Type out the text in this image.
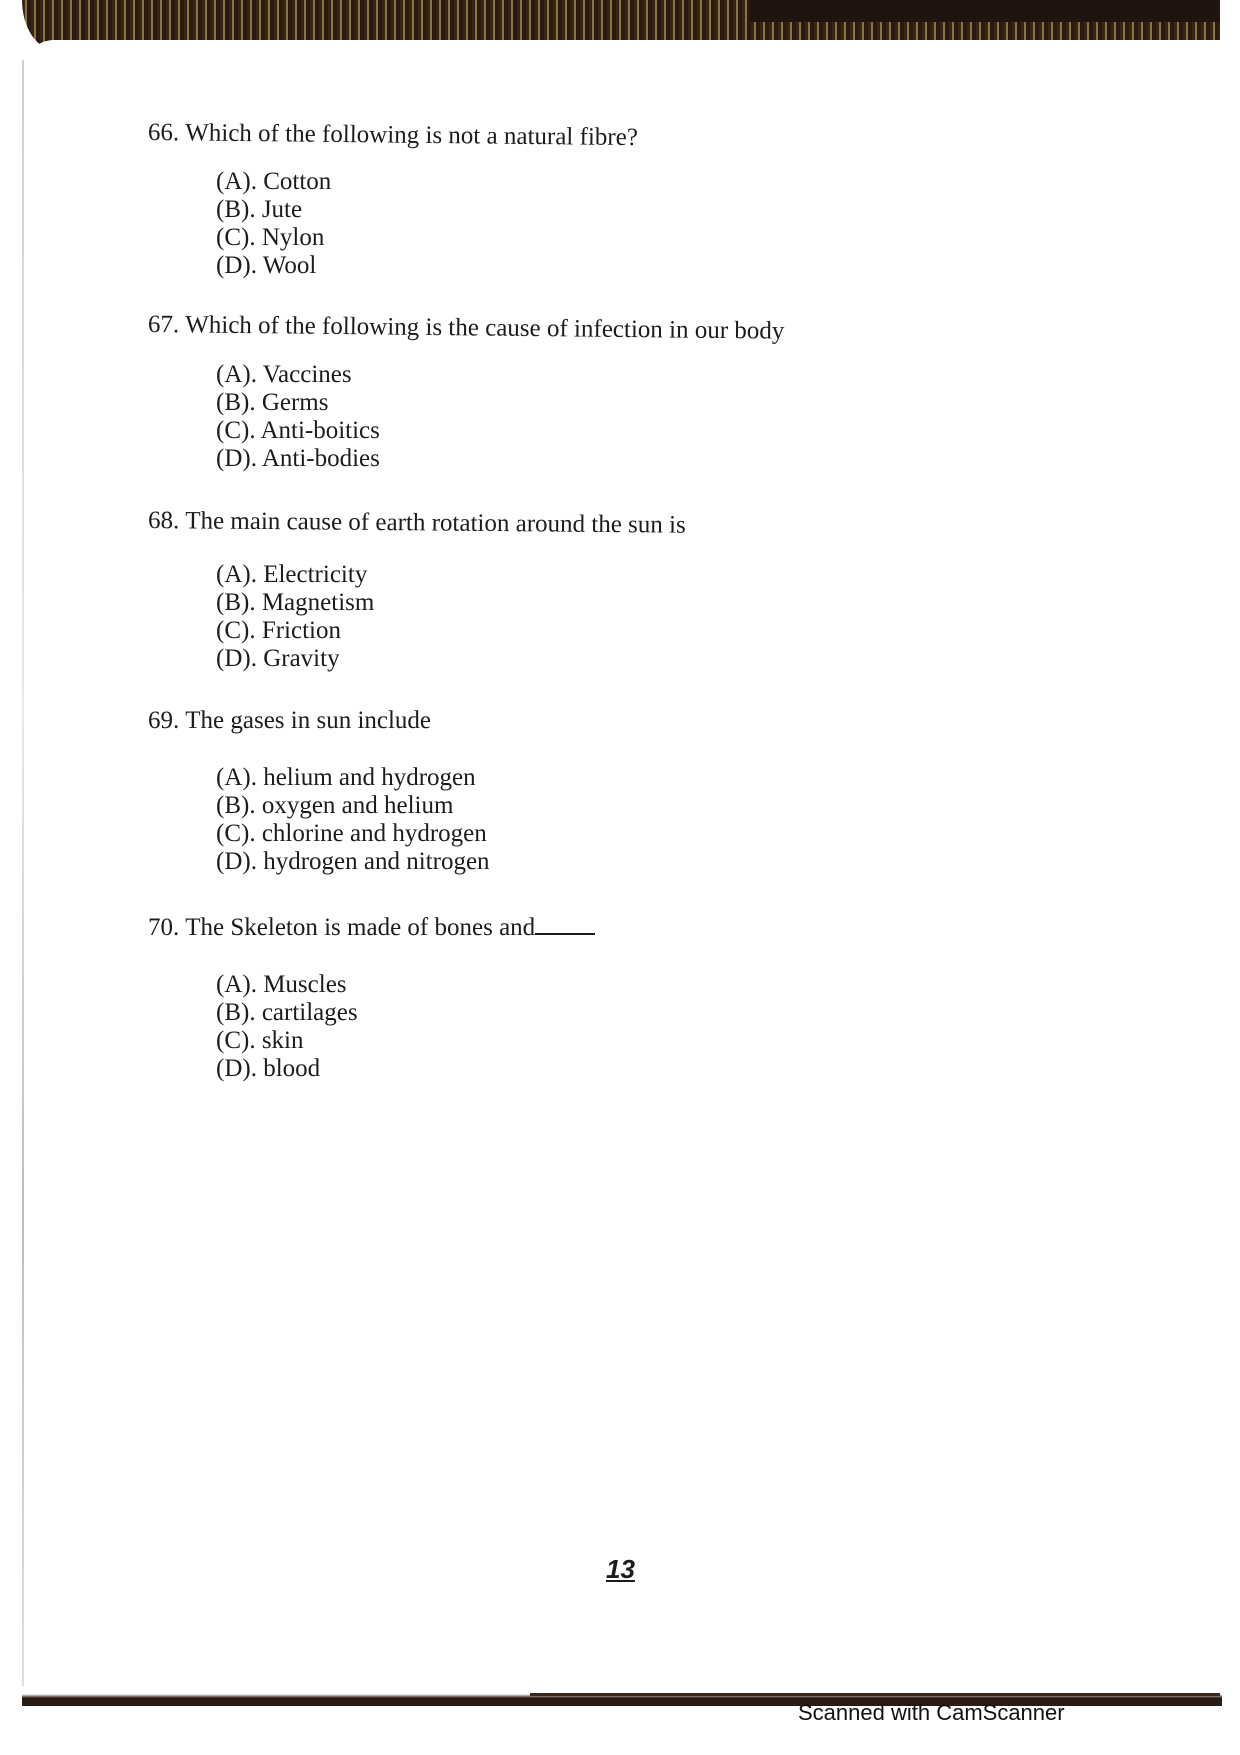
66. Which of the following is not a natural fibre?
(A). Cotton
(B). Jute
(C). Nylon
(D). Wool
67. Which of the following is the cause of infection in our body
(A). Vaccines
(B). Germs
(C). Anti-boitics
(D). Anti-bodies
68. The main cause of earth rotation around the sun is
(A). Electricity
(B). Magnetism
(C). Friction
(D). Gravity
69. The gases in sun include
(A). helium and hydrogen
(B). oxygen and helium
(C). chlorine and hydrogen
(D). hydrogen and nitrogen
70. The Skeleton is made of bones and
(A). Muscles
(B). cartilages
(C). skin
(D). blood
13
Scanned with CamScanner
